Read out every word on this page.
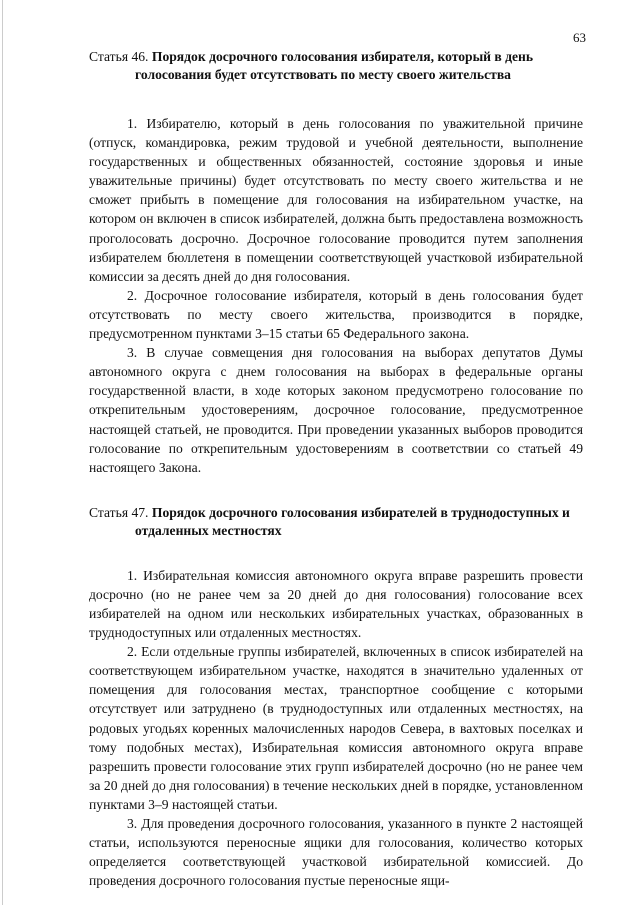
63

Статья 46. Порядок досрочного голосования избирателя, который в день голосования будет отсутствовать по месту своего жительства

1. Избирателю, который в день голосования по уважительной причине (отпуск, командировка, режим трудовой и учебной деятельности, выполнение государственных и общественных обязанностей, состояние здоровья и иные уважительные причины) будет отсутствовать по месту своего жительства и не сможет прибыть в помещение для голосования на избирательном участке, на котором он включен в список избирателей, должна быть предоставлена возможность проголосовать досрочно. Досрочное голосование проводится путем заполнения избирателем бюллетеня в помещении соответствующей участковой избирательной комиссии за десять дней до дня голосования.

2. Досрочное голосование избирателя, который в день голосования будет отсутствовать по месту своего жительства, производится в порядке, предусмотренном пунктами 3–15 статьи 65 Федерального закона.

3. В случае совмещения дня голосования на выборах депутатов Думы автономного округа с днем голосования на выборах в федеральные органы государственной власти, в ходе которых законом предусмотрено голосование по открепительным удостоверениям, досрочное голосование, предусмотренное настоящей статьей, не проводится. При проведении указанных выборов проводится голосование по открепительным удостоверениям в соответствии со статьей 49 настоящего Закона.

Статья 47. Порядок досрочного голосования избирателей в труднодоступных и отдаленных местностях

1. Избирательная комиссия автономного округа вправе разрешить провести досрочно (но не ранее чем за 20 дней до дня голосования) голосование всех избирателей на одном или нескольких избирательных участках, образованных в труднодоступных или отдаленных местностях.

2. Если отдельные группы избирателей, включенных в список избирателей на соответствующем избирательном участке, находятся в значительно удаленных от помещения для голосования местах, транспортное сообщение с которыми отсутствует или затруднено (в труднодоступных или отдаленных местностях, на родовых угодьях коренных малочисленных народов Севера, в вахтовых поселках и тому подобных местах), Избирательная комиссия автономного округа вправе разрешить провести голосование этих групп избирателей досрочно (но не ранее чем за 20 дней до дня голосования) в течение нескольких дней в порядке, установленном пунктами 3–9 настоящей статьи.

3. Для проведения досрочного голосования, указанного в пункте 2 настоящей статьи, используются переносные ящики для голосования, количество которых определяется соответствующей участковой избирательной комиссией. До проведения досрочного голосования пустые переносные ящи-
